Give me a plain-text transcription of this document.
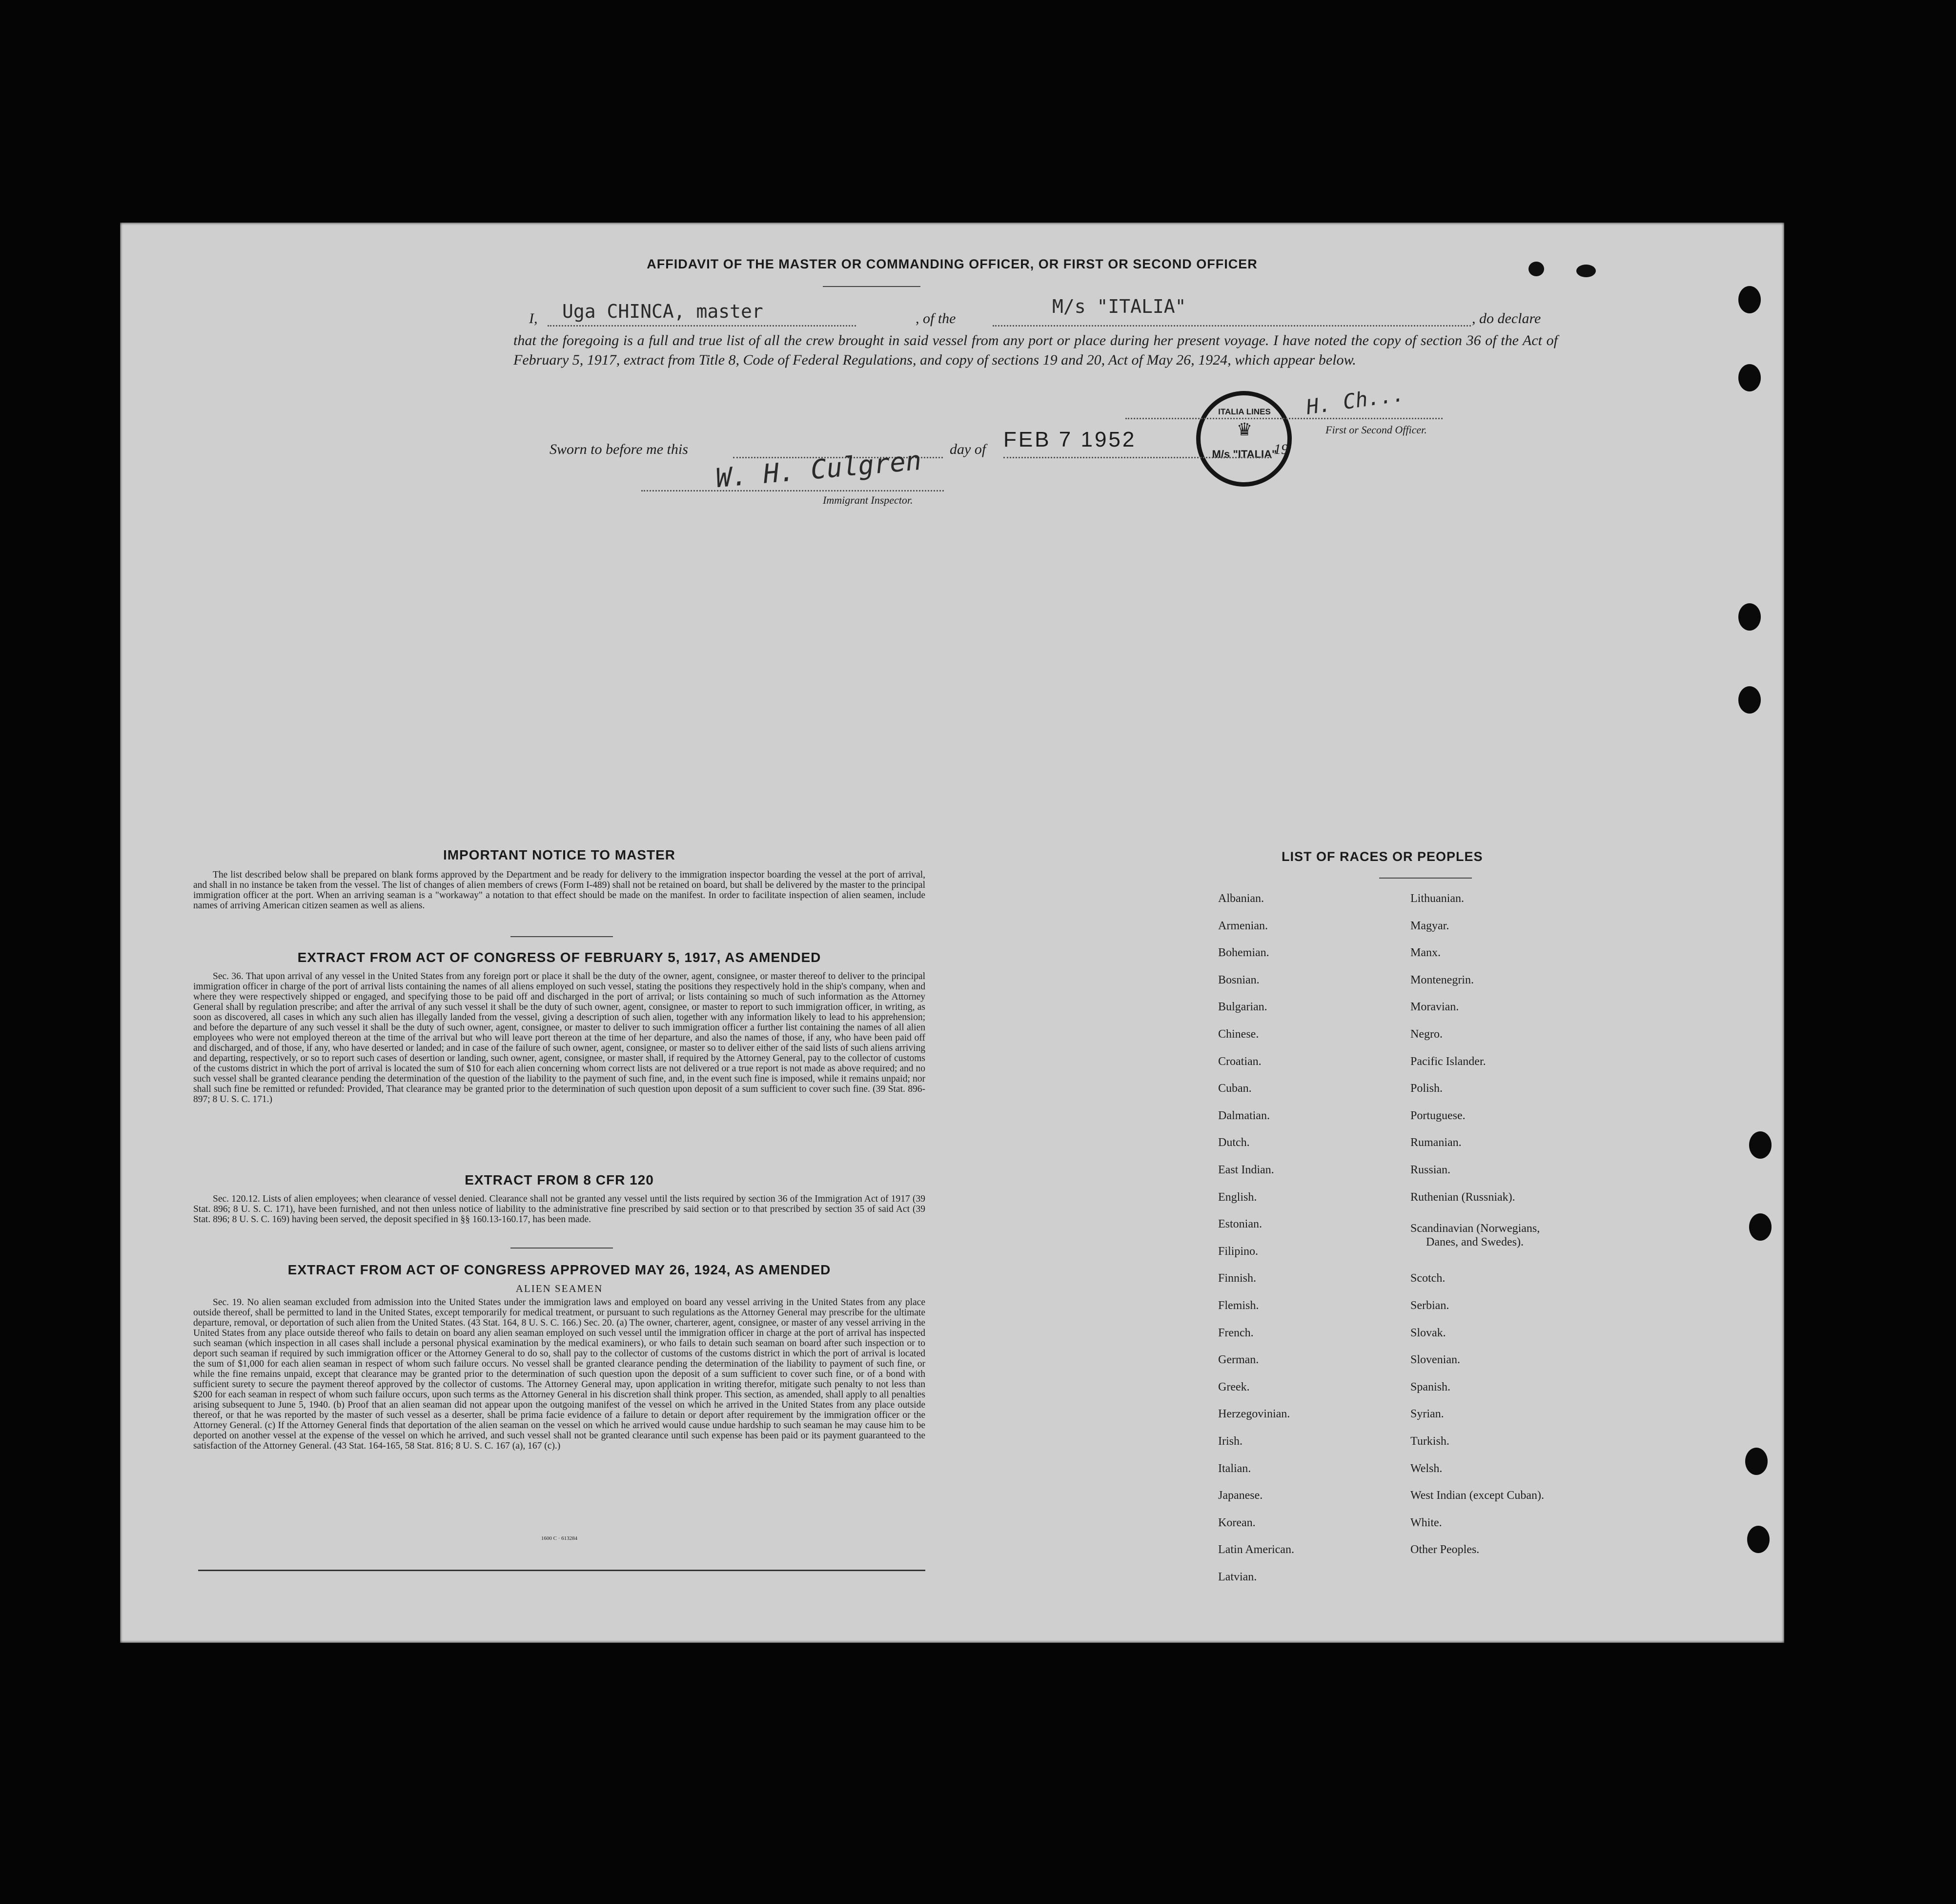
AFFIDAVIT OF THE MASTER OR COMMANDING OFFICER, OR FIRST OR SECOND OFFICER
I, Uga CHINCA, master	, of the
M/s "ITALIA"
, do declare
that the foregoing is a full and true list of all the crew brought in said vessel from any port or place during her present voyage. I have noted the copy of section 36 of the Act of February 5, 1917, extract from Title 8, Code of Federal Regulations, and copy of sections 19 and 20, Act of May 26, 1924, which appear below.
ITALIA LINES
♛
M/s "ITALIA"
H. Ch...
First or Second Officer.
Sworn to before me this	day of FEB 7 1952	19
W. H. Culgren
Immigrant Inspector.
IMPORTANT NOTICE TO MASTER
The list described below shall be prepared on blank forms approved by the Department and be ready for delivery to the immigration inspector boarding the vessel at the port of arrival, and shall in no instance be taken from the vessel. The list of changes of alien members of crews (Form I-489) shall not be retained on board, but shall be delivered by the master to the principal immigration officer at the port. When an arriving seaman is a "workaway" a notation to that effect should be made on the manifest. In order to facilitate inspection of alien seamen, include names of arriving American citizen seamen as well as aliens.
EXTRACT FROM ACT OF CONGRESS OF FEBRUARY 5, 1917, AS AMENDED
Sec. 36. That upon arrival of any vessel in the United States from any foreign port or place it shall be the duty of the owner, agent, consignee, or master thereof to deliver to the principal immigration officer in charge of the port of arrival lists containing the names of all aliens employed on such vessel, stating the positions they respectively hold in the ship's company, when and where they were respectively shipped or engaged, and specifying those to be paid off and discharged in the port of arrival; or lists containing so much of such information as the Attorney General shall by regulation prescribe; and after the arrival of any such vessel it shall be the duty of such owner, agent, consignee, or master to report to such immigration officer, in writing, as soon as discovered, all cases in which any such alien has illegally landed from the vessel, giving a description of such alien, together with any information likely to lead to his apprehension; and before the departure of any such vessel it shall be the duty of such owner, agent, consignee, or master to deliver to such immigration officer a further list containing the names of all alien employees who were not employed thereon at the time of the arrival but who will leave port thereon at the time of her departure, and also the names of those, if any, who have been paid off and discharged, and of those, if any, who have deserted or landed; and in case of the failure of such owner, agent, consignee, or master so to deliver either of the said lists of such aliens arriving and departing, respectively, or so to report such cases of desertion or landing, such owner, agent, consignee, or master shall, if required by the Attorney General, pay to the collector of customs of the customs district in which the port of arrival is located the sum of $10 for each alien concerning whom correct lists are not delivered or a true report is not made as above required; and no such vessel shall be granted clearance pending the determination of the question of the liability to the payment of such fine, and, in the event such fine is imposed, while it remains unpaid; nor shall such fine be remitted or refunded: Provided, That clearance may be granted prior to the determination of such question upon deposit of a sum sufficient to cover such fine. (39 Stat. 896-897; 8 U. S. C. 171.)
EXTRACT FROM 8 CFR 120
Sec. 120.12. Lists of alien employees; when clearance of vessel denied. Clearance shall not be granted any vessel until the lists required by section 36 of the Immigration Act of 1917 (39 Stat. 896; 8 U. S. C. 171), have been furnished, and not then unless notice of liability to the administrative fine prescribed by said section or to that prescribed by section 35 of said Act (39 Stat. 896; 8 U. S. C. 169) having been served, the deposit specified in §§ 160.13-160.17, has been made.
EXTRACT FROM ACT OF CONGRESS APPROVED MAY 26, 1924, AS AMENDED
ALIEN SEAMEN
Sec. 19. No alien seaman excluded from admission into the United States under the immigration laws and employed on board any vessel arriving in the United States from any place outside thereof, shall be permitted to land in the United States, except temporarily for medical treatment, or pursuant to such regulations as the Attorney General may prescribe for the ultimate departure, removal, or deportation of such alien from the United States. (43 Stat. 164, 8 U. S. C. 166.) Sec. 20. (a) The owner, charterer, agent, consignee, or master of any vessel arriving in the United States from any place outside thereof who fails to detain on board any alien seaman employed on such vessel until the immigration officer in charge at the port of arrival has inspected such seaman (which inspection in all cases shall include a personal physical examination by the medical examiners), or who fails to detain such seaman on board after such inspection or to deport such seaman if required by such immigration officer or the Attorney General to do so, shall pay to the collector of customs of the customs district in which the port of arrival is located the sum of $1,000 for each alien seaman in respect of whom such failure occurs. No vessel shall be granted clearance pending the determination of the liability to payment of such fine, or while the fine remains unpaid, except that clearance may be granted prior to the determination of such question upon the deposit of a sum sufficient to cover such fine, or of a bond with sufficient surety to secure the payment thereof approved by the collector of customs. The Attorney General may, upon application in writing therefor, mitigate such penalty to not less than $200 for each seaman in respect of whom such failure occurs, upon such terms as the Attorney General in his discretion shall think proper. This section, as amended, shall apply to all penalties arising subsequent to June 5, 1940. (b) Proof that an alien seaman did not appear upon the outgoing manifest of the vessel on which he arrived in the United States from any place outside thereof, or that he was reported by the master of such vessel as a deserter, shall be prima facie evidence of a failure to detain or deport after requirement by the immigration officer or the Attorney General. (c) If the Attorney General finds that deportation of the alien seaman on the vessel on which he arrived would cause undue hardship to such seaman he may cause him to be deported on another vessel at the expense of the vessel on which he arrived, and such vessel shall not be granted clearance until such expense has been paid or its payment guaranteed to the satisfaction of the Attorney General. (43 Stat. 164-165, 58 Stat. 816; 8 U. S. C. 167 (a), 167 (c).)
1600 C · 613284
LIST OF RACES OR PEOPLES
Albanian.
Armenian.
Bohemian.
Bosnian.
Bulgarian.
Chinese.
Croatian.
Cuban.
Dalmatian.
Dutch.
East Indian.
English.
Estonian.
Filipino.
Finnish.
Flemish.
French.
German.
Greek.
Herzegovinian.
Irish.
Italian.
Japanese.
Korean.
Latin American.
Latvian.
Lithuanian.
Magyar.
Manx.
Montenegrin.
Moravian.
Negro.
Pacific Islander.
Polish.
Portuguese.
Rumanian.
Russian.
Ruthenian (Russniak).
Scandinavian (Norwegians,
Danes, and Swedes).
Scotch.
Serbian.
Slovak.
Slovenian.
Spanish.
Syrian.
Turkish.
Welsh.
West Indian (except Cuban).
White.
Other Peoples.
